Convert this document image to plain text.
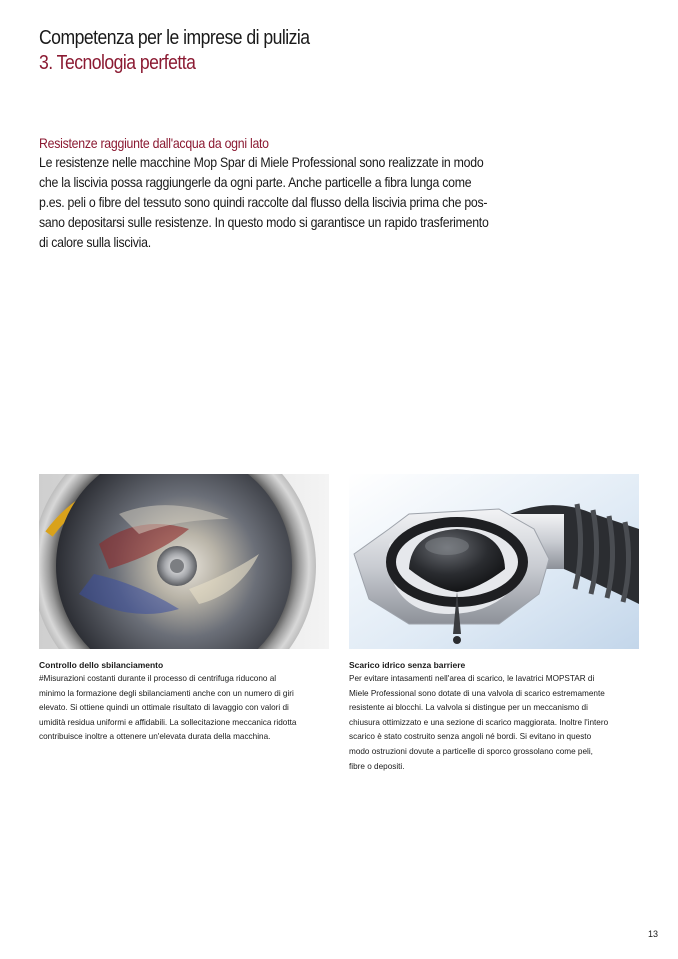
Competenza per le imprese di pulizia
3. Tecnologia perfetta
Resistenze raggiunte dall'acqua da ogni lato

Le resistenze nelle macchine Mop Spar di Miele Professional sono realizzate in modo
che la liscivia possa raggiungerle da ogni parte. Anche particelle a fibra lunga come
p.es. peli o fibre del tessuto sono quindi raccolte dal flusso della liscivia prima che pos-
sano depositarsi sulle resistenze. In questo modo si garantisce un rapido trasferimento
di calore sulla liscivia.

Controllo dello sbilanciamento

#Misurazioni costanti durante il processo di centrifuga riducono al
minimo la formazione degli sbilanciamenti anche con un numero di giri
elevato. Si ottiene quindi un ottimale risultato di lavaggio con valori di
umidità residua uniformi e affidabili. La sollecitazione meccanica ridotta
contribuisce inoltre a ottenere un'elevata durata della macchina.

Scarico idrico senza barriere

Per evitare intasamenti nell'area di scarico, le lavatrici MOPSTAR di
Miele Professional sono dotate di una valvola di scarico estremamente
resistente ai blocchi. La valvola si distingue per un meccanismo di
chiusura ottimizzato e una sezione di scarico maggiorata. Inoltre l'intero
scarico è stato costruito senza angoli né bordi. Si evitano in questo
modo ostruzioni dovute a particelle di sporco grossolano come peli,
fibre o depositi.

13
